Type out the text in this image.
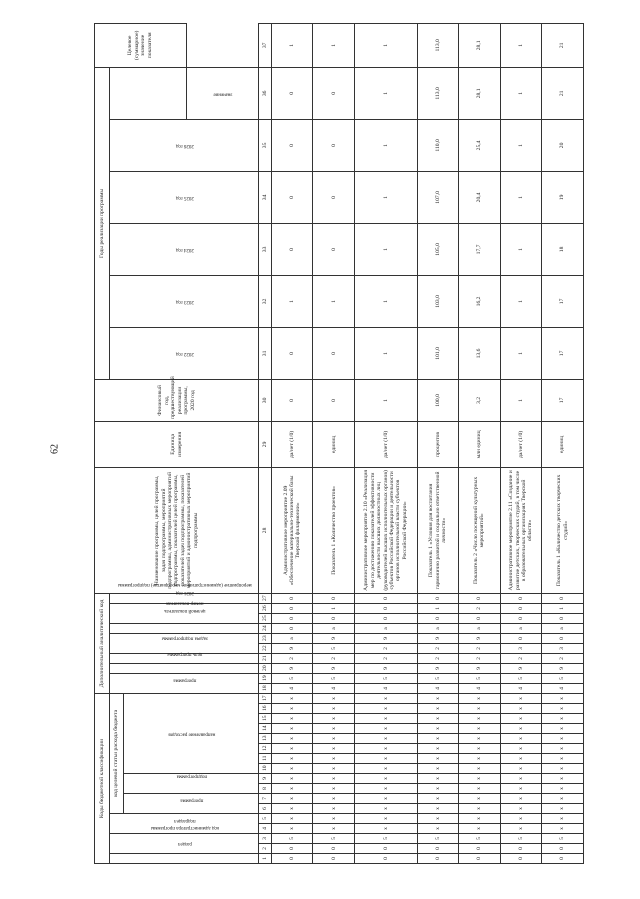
62
Коды бюджетной классификации																	Дополнительный аналитический код										Наименование программы, целей программы, задач подпрограммы, мероприятий подпрограммы, административных мероприятий подпрограммы, показателей целей программы, показателей задач подпрограммы, показателей мероприятий и административных мероприятий подпрограммы	Единица измерения	Финансовый год, предшествующий реализации программы, 2020 год	Годы реализации программы						Целевое (суммарное) значение показателя
код администратора программы	раздел		подраздел		код целевой статьи расхода бюджета												программа		цель программы	задача подпрограммы	мероприятие (административное мероприятие) подпрограммы		целевой показатель	номер показателя		2021 год				2022 год	2023 год	2024 год	2025 год	2026 год		
					программа		подпрограмма		направление расходов																											
																																			значение	
1	2	3	4	5	6	7	8	9	10	11	12	13	14	15	16	17	18	19	20	21	22	23	24	25	26	27	28	29	30	31	32	33	34	35	36	37
0	0	5	х	х	х	х	х	х	х	х	х	х	х	х	х	х	4	5	9	2	9	а	0	0	0	0	Административное мероприятие 2.09 «Обеспечение материально-технической базы Тверской филармонии»	да/нет (1/0)	0	0	1	0	0	0	0	1
0	0	5	х	х	х	х	х	х	х	х	х	х	х	х	х	х	4	5	9	2	5	9	а	0	1	0	Показатель 1 «Количество проектов»	единиц	0	0	1	0	0	0	0	1
0	0	5	х	х	х	х	х	х	х	х	х	х	х	х	х	х	4	5	9	2	2	9	а	0	0	0	Административное мероприятие 2.10 «Реализация мер по достижению показателей эффективности деятельности высших должностных лиц (руководителей высших исполнительных органов) субъектов Российской Федерации и деятельности органов исполнительной власти субъектов Российской Федерации»	да/нет (1/0)	1	1	1	1	1	1	1	1
0	0	5	х	х	х	х	х	х	х	х	х	х	х	х	х	х	4	5	9	2	2	9	а	0	1	0	Показатель 1 «Условия для воспитания гармонично развитой и социально ответственной личности»	процентов	100,0	101,0	103,0	105,0	107,0	110,0	113,0	113,0
0	0	5	х	х	х	х	х	х	х	х	х	х	х	х	х	х	4	5	9	2	2	9	а	0	2	0	Показатель 2 «Число посещений культурных мероприятий»	млн единиц	3,2	13,6	16,2	17,7	20,4	25,4	28,1	28,1
0	0	5	х	х	х	х	х	х	х	х	х	х	х	х	х	х	4	5	9	2	3	0	а	0	0	0	Административное мероприятие 2.11 «Создание и развитие детских, творческих студий, в том числе в образовательных организациях Тверской области»	да/нет (1/0)	1	1	1	1	1	1	1	1
0	0	5	х	х	х	х	х	х	х	х	х	х	х	х	х	х	4	5	9	2	3	0	а	0	1	0	Показатель 1 «Количество детских творческих студий»	единиц	17	17	17	18	19	20	21	21
